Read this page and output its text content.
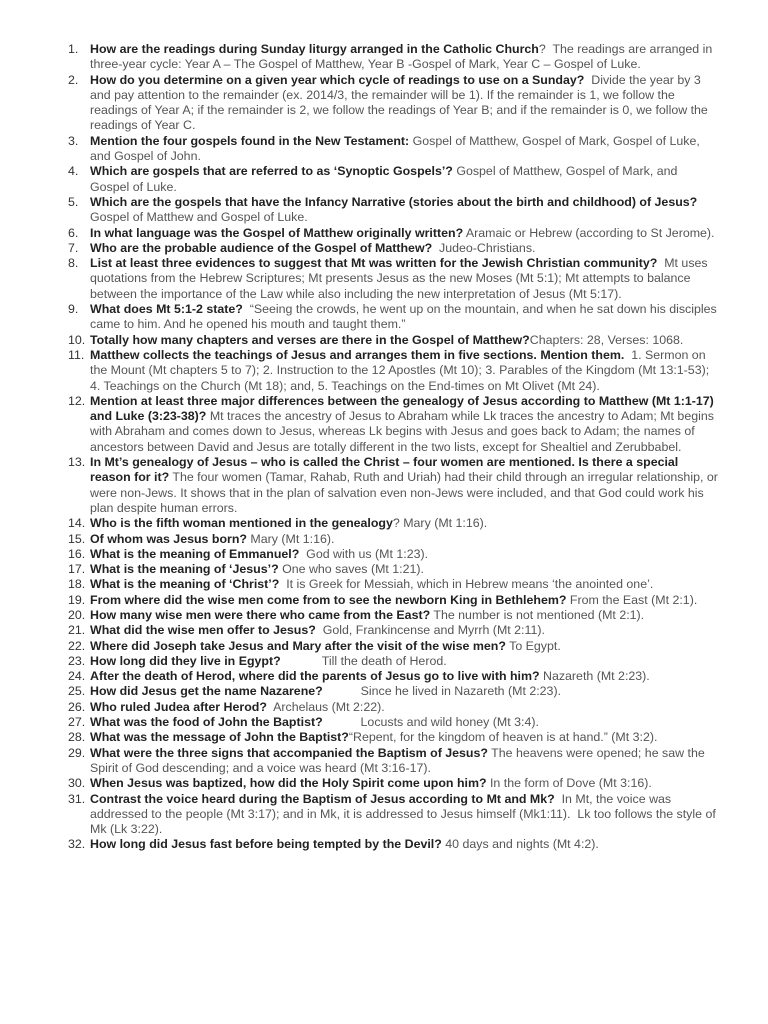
1. How are the readings during Sunday liturgy arranged in the Catholic Church?  The readings are arranged in three-year cycle: Year A – The Gospel of Matthew, Year B -Gospel of Mark, Year C – Gospel of Luke.
2. How do you determine on a given year which cycle of readings to use on a Sunday?  Divide the year by 3 and pay attention to the remainder (ex. 2014/3, the remainder will be 1). If the remainder is 1, we follow the readings of Year A; if the remainder is 2, we follow the readings of Year B; and if the remainder is 0, we follow the readings of Year C.
3. Mention the four gospels found in the New Testament: Gospel of Matthew, Gospel of Mark, Gospel of Luke, and Gospel of John.
4. Which are gospels that are referred to as ‘Synoptic Gospels’? Gospel of Matthew, Gospel of Mark, and Gospel of Luke.
5. Which are the gospels that have the Infancy Narrative (stories about the birth and childhood) of Jesus? Gospel of Matthew and Gospel of Luke.
6. In what language was the Gospel of Matthew originally written? Aramaic or Hebrew (according to St Jerome).
7. Who are the probable audience of the Gospel of Matthew?  Judeo-Christians.
8. List at least three evidences to suggest that Mt was written for the Jewish Christian community?  Mt uses quotations from the Hebrew Scriptures; Mt presents Jesus as the new Moses (Mt 5:1); Mt attempts to balance between the importance of the Law while also including the new interpretation of Jesus (Mt 5:17).
9. What does Mt 5:1-2 state?  “Seeing the crowds, he went up on the mountain, and when he sat down his disciples came to him. And he opened his mouth and taught them.”
10. Totally how many chapters and verses are there in the Gospel of Matthew?Chapters: 28, Verses: 1068.
11. Matthew collects the teachings of Jesus and arranges them in five sections. Mention them.  1. Sermon on the Mount (Mt chapters 5 to 7); 2. Instruction to the 12 Apostles (Mt 10); 3. Parables of the Kingdom (Mt 13:1-53); 4. Teachings on the Church (Mt 18); and, 5. Teachings on the End-times on Mt Olivet (Mt 24).
12. Mention at least three major differences between the genealogy of Jesus according to Matthew (Mt 1:1-17) and Luke (3:23-38)? Mt traces the ancestry of Jesus to Abraham while Lk traces the ancestry to Adam; Mt begins with Abraham and comes down to Jesus, whereas Lk begins with Jesus and goes back to Adam; the names of ancestors between David and Jesus are totally different in the two lists, except for Shealtiel and Zerubbabel.
13. In Mt’s genealogy of Jesus – who is called the Christ – four women are mentioned. Is there a special reason for it? The four women (Tamar, Rahab, Ruth and Uriah) had their child through an irregular relationship, or were non-Jews. It shows that in the plan of salvation even non-Jews were included, and that God could work his plan despite human errors.
14. Who is the fifth woman mentioned in the genealogy? Mary (Mt 1:16).
15. Of whom was Jesus born? Mary (Mt 1:16).
16. What is the meaning of Emmanuel?  God with us (Mt 1:23).
17. What is the meaning of ‘Jesus’? One who saves (Mt 1:21).
18. What is the meaning of ‘Christ’?  It is Greek for Messiah, which in Hebrew means ‘the anointed one’.
19. From where did the wise men come from to see the newborn King in Bethlehem? From the East (Mt 2:1).
20. How many wise men were there who came from the East? The number is not mentioned (Mt 2:1).
21. What did the wise men offer to Jesus?  Gold, Frankincense and Myrrh (Mt 2:11).
22. Where did Joseph take Jesus and Mary after the visit of the wise men? To Egypt.
23. How long did they live in Egypt?            Till the death of Herod.
24. After the death of Herod, where did the parents of Jesus go to live with him? Nazareth (Mt 2:23).
25. How did Jesus get the name Nazarene?           Since he lived in Nazareth (Mt 2:23).
26. Who ruled Judea after Herod?  Archelaus (Mt 2:22).
27. What was the food of John the Baptist?           Locusts and wild honey (Mt 3:4).
28. What was the message of John the Baptist?“Repent, for the kingdom of heaven is at hand.” (Mt 3:2).
29. What were the three signs that accompanied the Baptism of Jesus? The heavens were opened; he saw the Spirit of God descending; and a voice was heard (Mt 3:16-17).
30. When Jesus was baptized, how did the Holy Spirit come upon him? In the form of Dove (Mt 3:16).
31. Contrast the voice heard during the Baptism of Jesus according to Mt and Mk?  In Mt, the voice was addressed to the people (Mt 3:17); and in Mk, it is addressed to Jesus himself (Mk1:11).  Lk too follows the style of Mk (Lk 3:22).
32. How long did Jesus fast before being tempted by the Devil? 40 days and nights (Mt 4:2).
